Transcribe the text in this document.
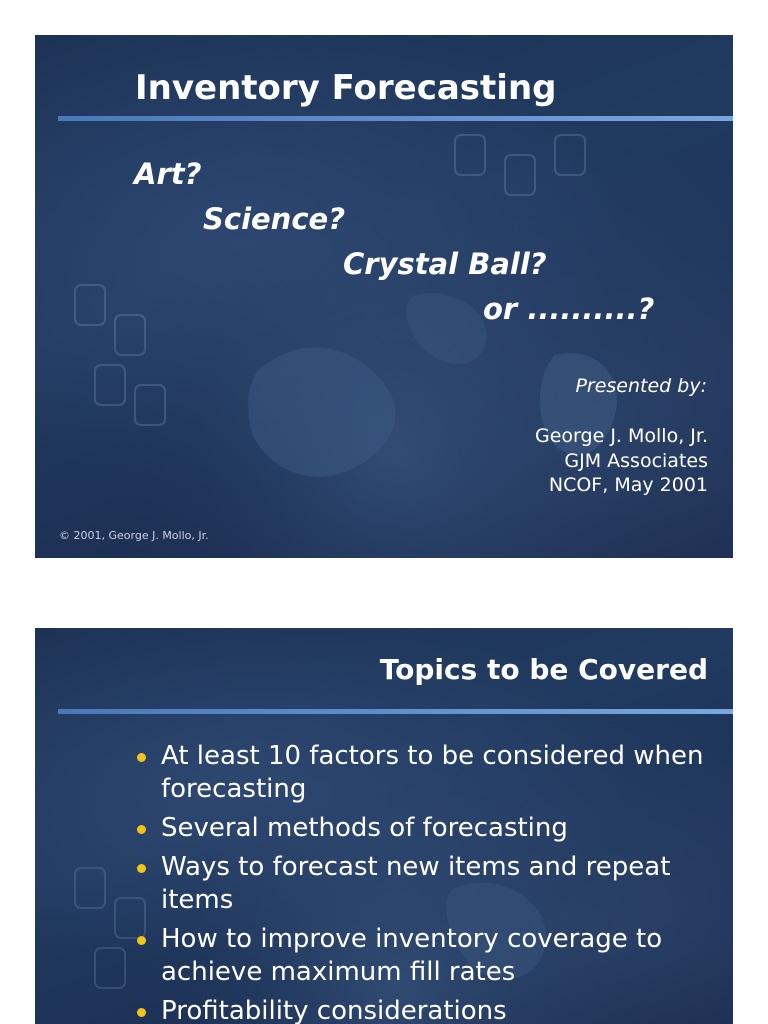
Inventory Forecasting
Art?
Science?
Crystal Ball?
or ..........?
Presented by:
George J. Mollo, Jr.
GJM Associates
NCOF, May 2001
© 2001, George J. Mollo, Jr.
Topics to be Covered
At least 10 factors to be considered when forecasting
Several methods of forecasting
Ways to forecast new items and repeat items
How to improve inventory coverage to achieve maximum fill rates
Profitability considerations
